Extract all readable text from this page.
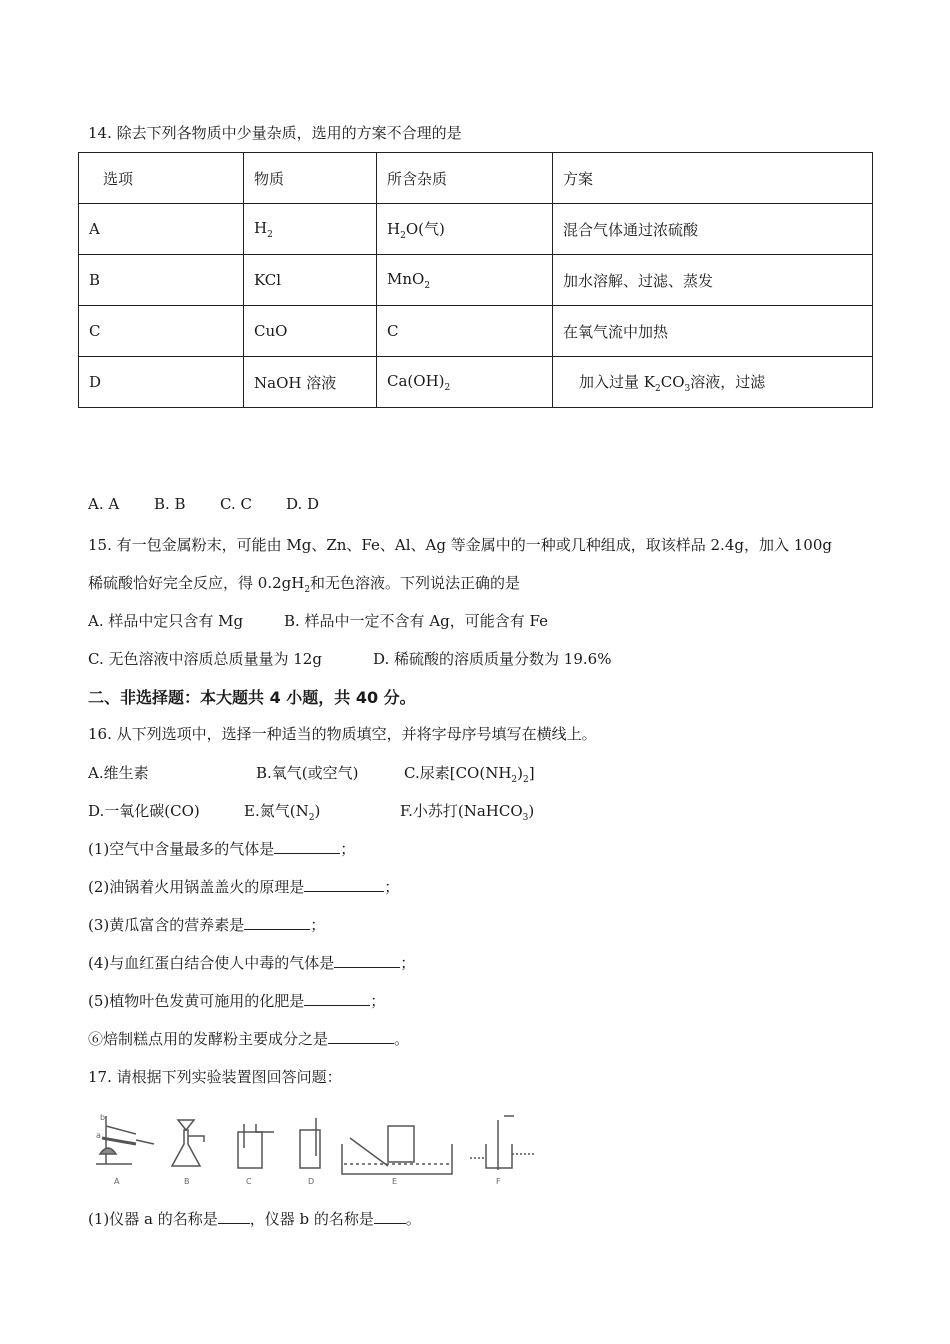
14. 除去下列各物质中少量杂质，选用的方案不合理的是
选项	物质	所含杂质	方案
A	$H_2$	$H_2O$(气)	混合气体通过浓硫酸
B	KCl	MnO$_2$	加水溶解、过滤、蒸发
C	CuO	C	在氧气流中加热
D	NaOH 溶液	$Ca(OH)_2$	加入过量 $K_2CO_3$溶液，过滤
A. A B. B C. C D. D
15. 有一包金属粉末，可能由 Mg、Zn、Fe、Al、Ag 等金属中的一种或几种组成，取该样品 2.4g，加入 100g
稀硫酸恰好完全反应，得 $0.2gH_2$和无色溶液。下列说法正确的是
A. 样品中定只含有 Mg	B. 样品中一定不含有 Ag，可能含有 Fe
C. 无色溶液中溶质总质量量为 12g	D. 稀硫酸的溶质质量分数为 19.6%
二、非选择题：本大题共 4 小题，共 40 分。
16. 从下列选项中，选择一种适当的物质填空，并将字母序号填写在横线上。
A.维生素	B.氧气(或空气)	C.尿素$[CO(NH_2)_2]$
D.一氧化碳(CO)	E.氮气$(N_2)$	F.小苏打(NaHCO$_3$)
(1)空气中含量最多的气体是	；
(2)油锅着火用锅盖盖火的原理是	；
(3)黄瓜富含的营养素是	；
(4)与血红蛋白结合使人中毒的气体是	；
(5)植物叶色发黄可施用的化肥是	；
⑥焙制糕点用的发酵粉主要成分之是	。
17. 请根据下列实验装置图回答问题：
b
a
A	B	C	D	E	F
(1)仪器 a 的名称是 ，仪器 b 的名称是 。
